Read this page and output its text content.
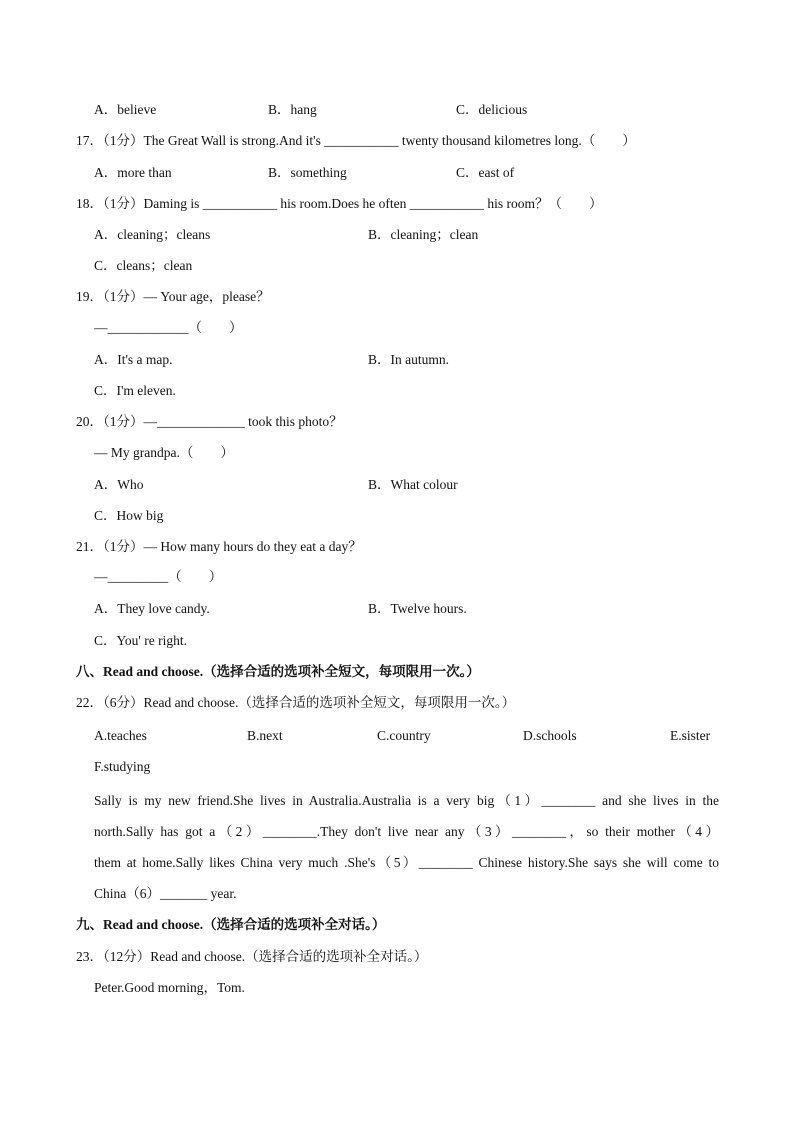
A．believe	B．hang	C．delicious
17．（1分）The Great Wall is strong.And it's ___________ twenty thousand kilometres long.（　　）
A．more than	B．something	C．east of
18．（1分）Daming is ___________ his room.Does he often ___________ his room？（　　）
A．cleaning；cleans	B．cleaning；clean
C．cleans；clean
19．（1分）— Your age，please？
—____________（　　）
A．It's a map.	B．In autumn.
C．I'm eleven.
20．（1分）—_____________ took this photo？
— My grandpa.（　　）
A．Who	B．What colour
C．How big
21．（1分）— How many hours do they eat a day？
—_________（　　）
A．They love candy.	B．Twelve hours.
C．You' re right.
八、Read and choose.（选择合适的选项补全短文，每项限用一次。）
22．（6分）Read and choose.（选择合适的选项补全短文，每项限用一次。）
A.teaches	B.next	C.country	D.schools	E.sister
F.studying
Sally is my new friend.She lives in Australia.Australia is a very big（1）________ and she lives in the
north.Sally has got a（2）________.They don't live near any（3）________，so their mother（4）
them at home.Sally likes China very much .She's（5）________ Chinese history.She says she will come to
China（6）_______ year.
九、Read and choose.（选择合适的选项补全对话。）
23．（12分）Read and choose.（选择合适的选项补全对话。）
Peter.Good morning，Tom.
